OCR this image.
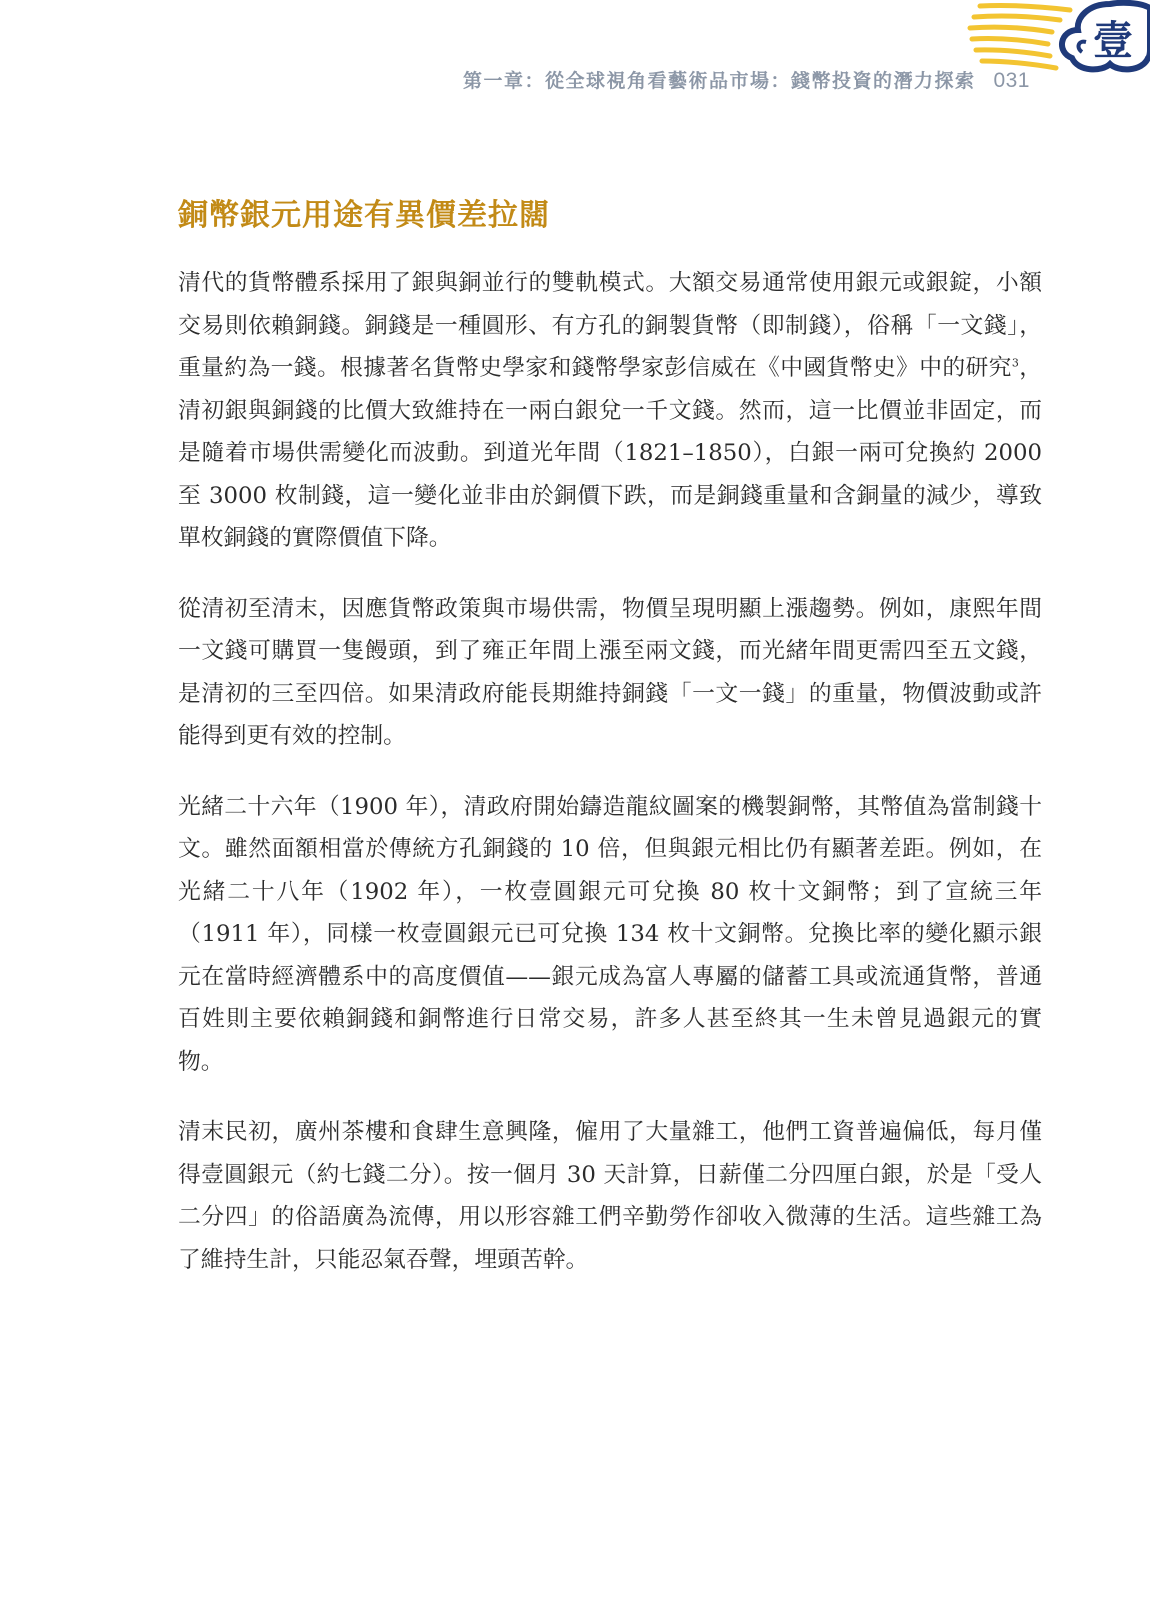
壹
第一章：從全球視角看藝術品市場：錢幣投資的潛力探索 031
銅幣銀元用途有異價差拉闊

清代的貨幣體系採用了銀與銅並行的雙軌模式。大額交易通常使用銀元或銀錠，小額交易則依賴銅錢。銅錢是一種圓形、有方孔的銅製貨幣（即制錢），俗稱「一文錢」，重量約為一錢。根據著名貨幣史學家和錢幣學家彭信威在《中國貨幣史》中的研究$^3$，清初銀與銅錢的比價大致維持在一兩白銀兌一千文錢。然而，這一比價並非固定，而是隨着市場供需變化而波動。到道光年間（1821–1850），白銀一兩可兌換約 2000 至 3000 枚制錢，這一變化並非由於銅價下跌，而是銅錢重量和含銅量的減少，導致單枚銅錢的實際價值下降。

從清初至清末，因應貨幣政策與市場供需，物價呈現明顯上漲趨勢。例如，康熙年間一文錢可購買一隻饅頭，到了雍正年間上漲至兩文錢，而光緒年間更需四至五文錢，是清初的三至四倍。如果清政府能長期維持銅錢「一文一錢」的重量，物價波動或許能得到更有效的控制。

光緒二十六年（1900 年），清政府開始鑄造龍紋圖案的機製銅幣，其幣值為當制錢十文。雖然面額相當於傳統方孔銅錢的 10 倍，但與銀元相比仍有顯著差距。例如，在光緒二十八年（1902 年），一枚壹圓銀元可兌換 80 枚十文銅幣；到了宣統三年（1911 年），同樣一枚壹圓銀元已可兌換 134 枚十文銅幣。兌換比率的變化顯示銀元在當時經濟體系中的高度價值——銀元成為富人專屬的儲蓄工具或流通貨幣，普通百姓則主要依賴銅錢和銅幣進行日常交易，許多人甚至終其一生未曾見過銀元的實物。

清末民初，廣州茶樓和食肆生意興隆，僱用了大量雜工，他們工資普遍偏低，每月僅得壹圓銀元（約七錢二分）。按一個月 30 天計算，日薪僅二分四厘白銀，於是「受人二分四」的俗語廣為流傳，用以形容雜工們辛勤勞作卻收入微薄的生活。這些雜工為了維持生計，只能忍氣吞聲，埋頭苦幹。
